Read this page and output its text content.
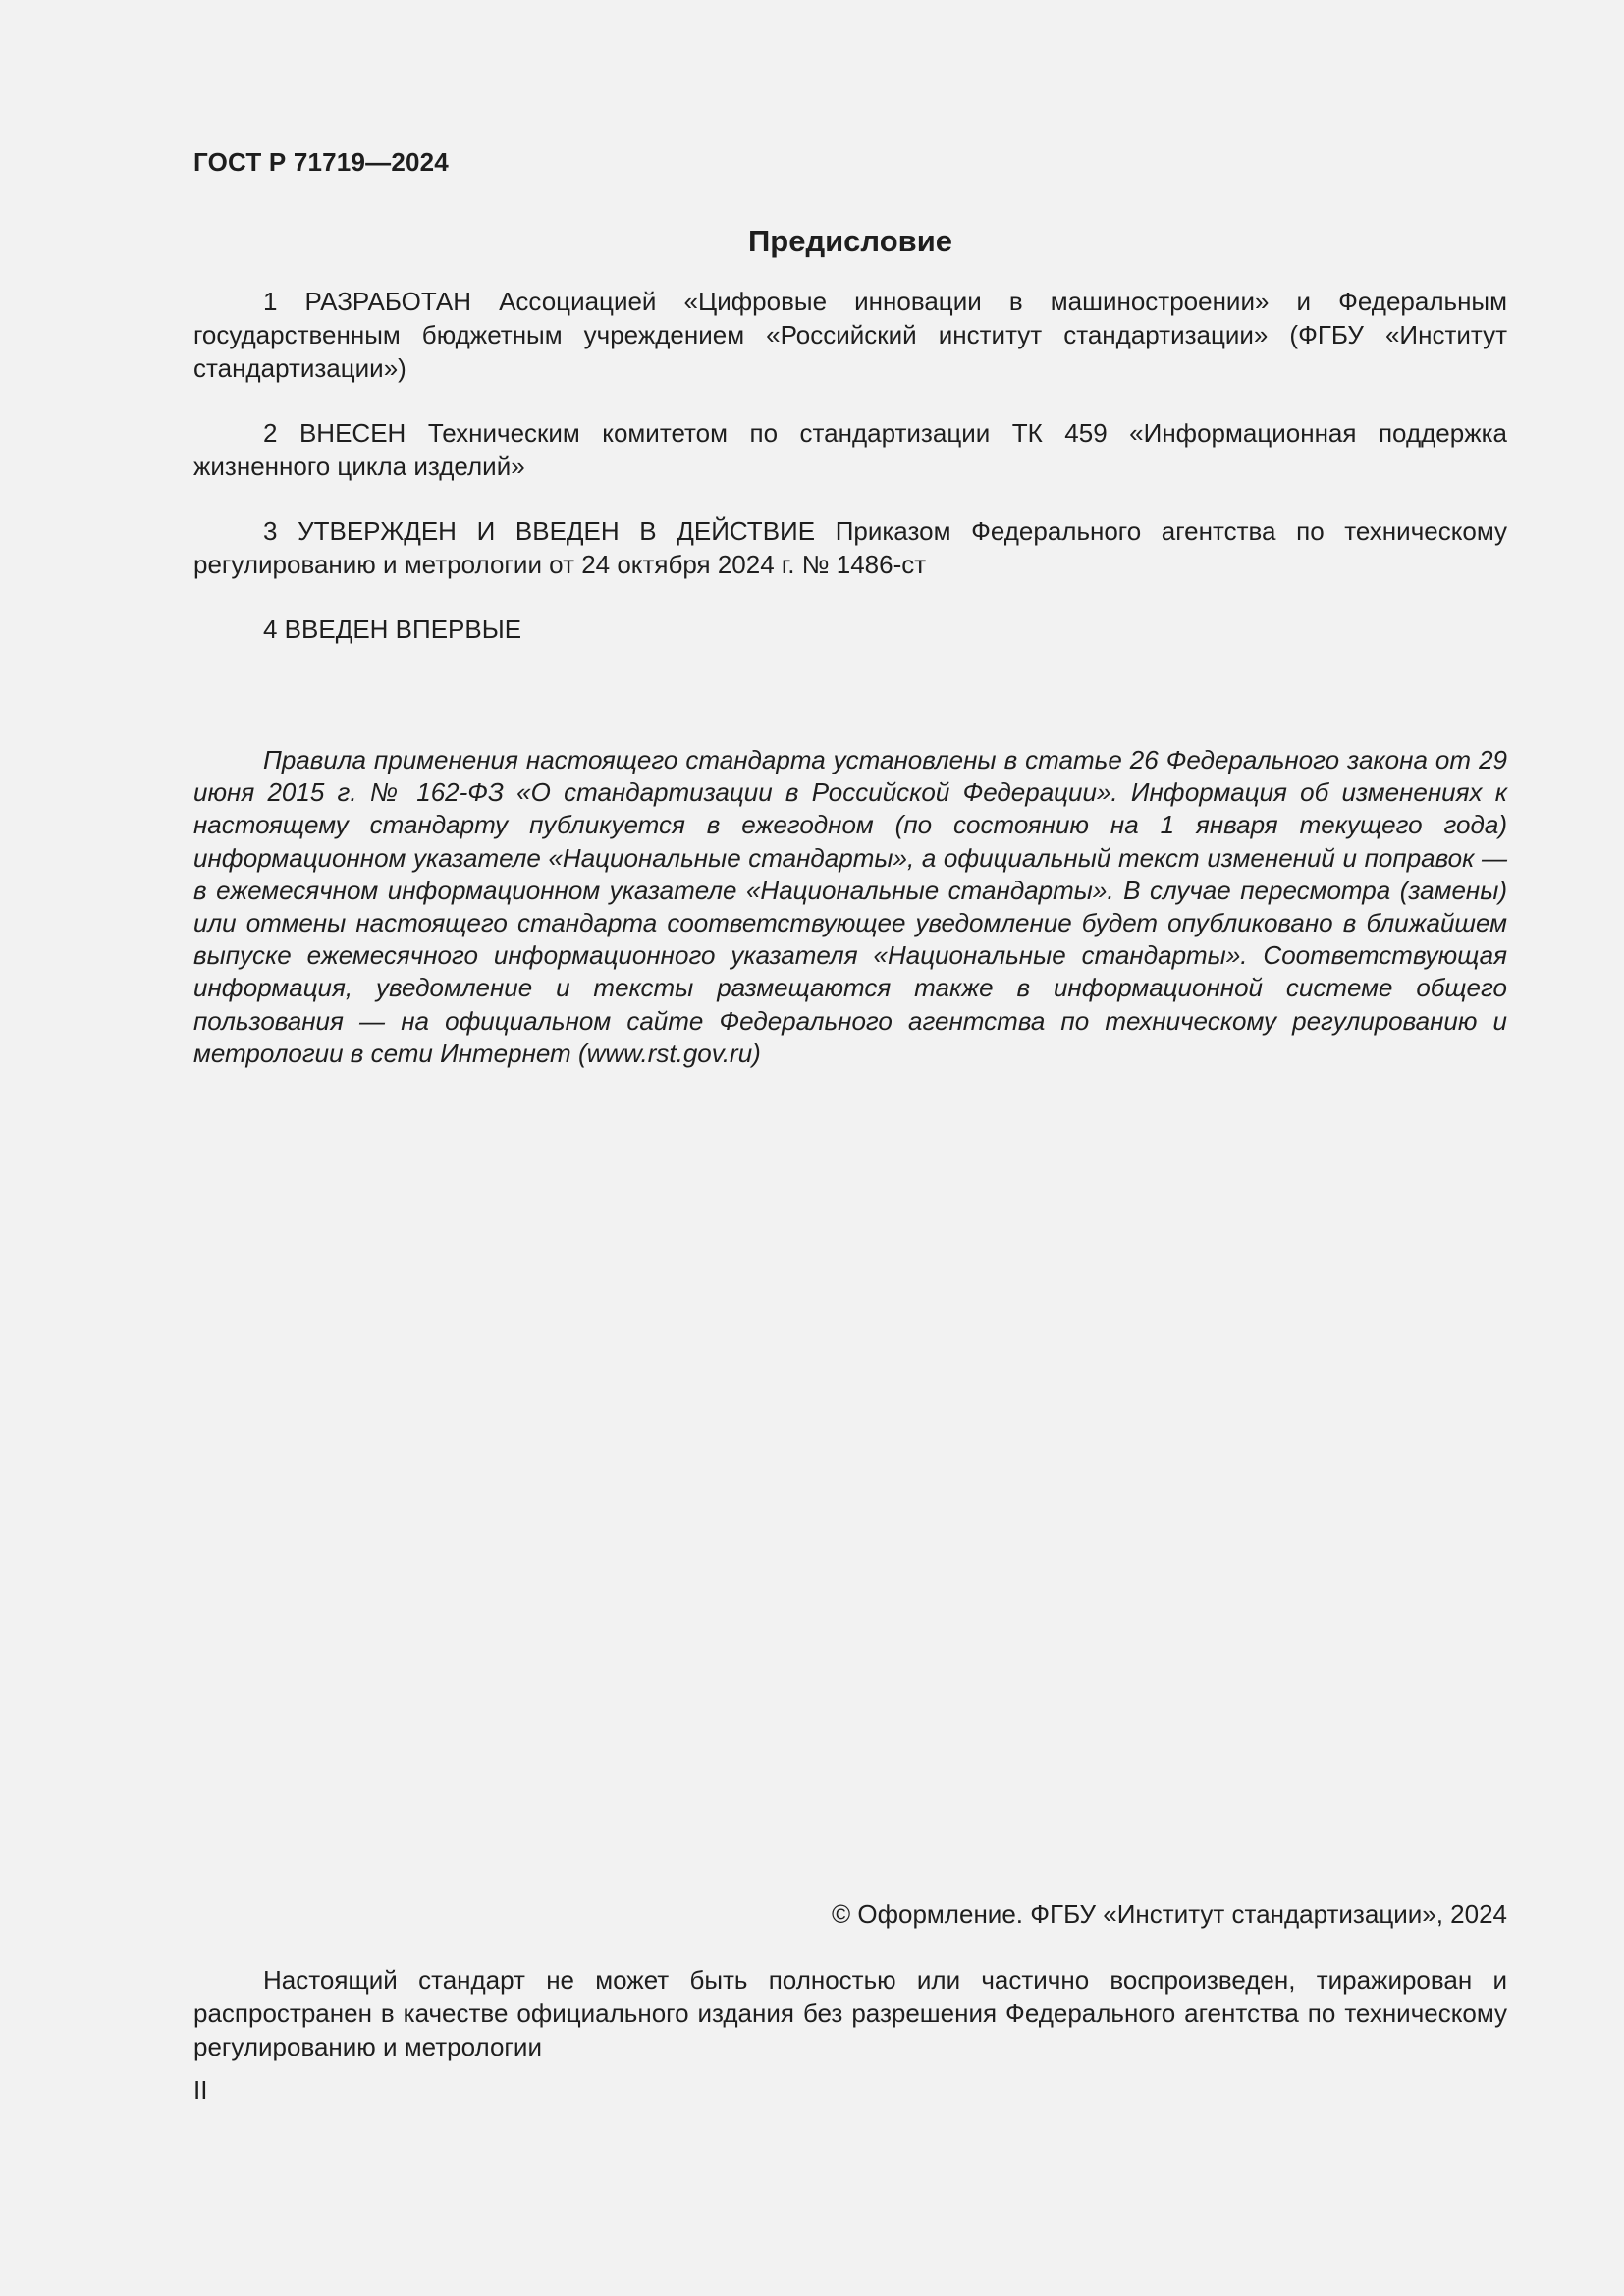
ГОСТ Р 71719—2024
Предисловие

1 РАЗРАБОТАН Ассоциацией «Цифровые инновации в машиностроении» и Федеральным государственным бюджетным учреждением «Российский институт стандартизации» (ФГБУ «Институт стандартизации»)

2 ВНЕСЕН Техническим комитетом по стандартизации ТК 459 «Информационная поддержка жизненного цикла изделий»

3 УТВЕРЖДЕН И ВВЕДЕН В ДЕЙСТВИЕ Приказом Федерального агентства по техническому регулированию и метрологии от 24 октября 2024 г. № 1486-ст

4 ВВЕДЕН ВПЕРВЫЕ

Правила применения настоящего стандарта установлены в статье 26 Федерального закона от 29 июня 2015 г. № 162-ФЗ «О стандартизации в Российской Федерации». Информация об изменениях к настоящему стандарту публикуется в ежегодном (по состоянию на 1 января текущего года) информационном указателе «Национальные стандарты», а официальный текст изменений и поправок — в ежемесячном информационном указателе «Национальные стандарты». В случае пересмотра (замены) или отмены настоящего стандарта соответствующее уведомление будет опубликовано в ближайшем выпуске ежемесячного информационного указателя «Национальные стандарты». Соответствующая информация, уведомление и тексты размещаются также в информационной системе общего пользования — на официальном сайте Федерального агентства по техническому регулированию и метрологии в сети Интернет (www.rst.gov.ru)

© Оформление. ФГБУ «Институт стандартизации», 2024

Настоящий стандарт не может быть полностью или частично воспроизведен, тиражирован и распространен в качестве официального издания без разрешения Федерального агентства по техническому регулированию и метрологии

II
